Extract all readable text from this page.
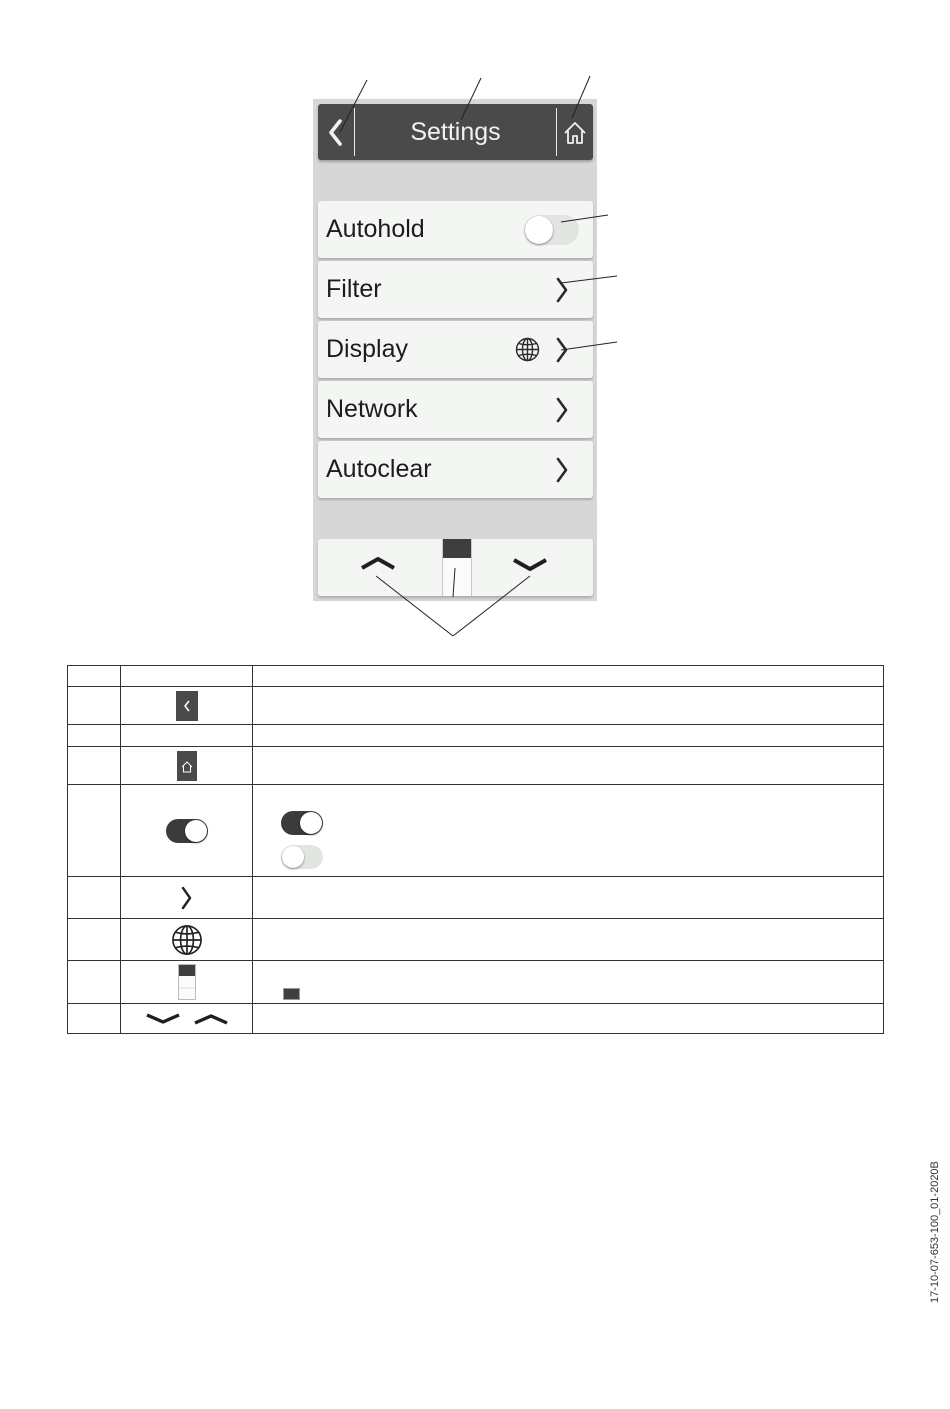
Settings
Autohold
Filter
Display
Network
Autoclear

17-10-07-653-100_01-2020B
